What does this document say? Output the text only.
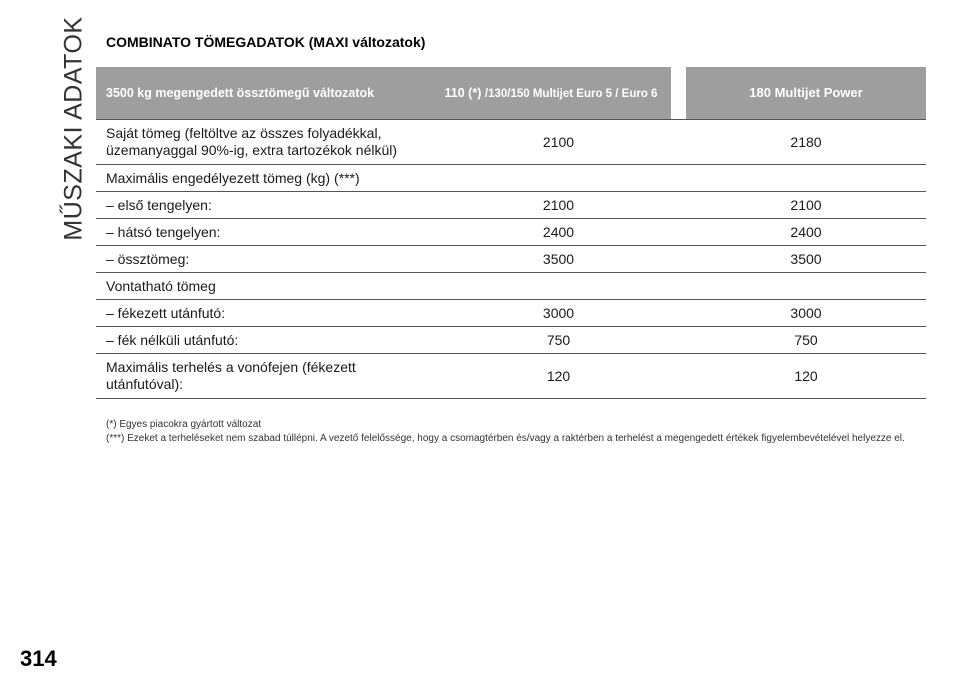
MŰSZAKI ADATOK COMBINATO TÖMEGADATOK (MAXI változatok)
3500 kg megengedett össztömegű változatok	110 (*) /130/150 Multijet Euro 5 / Euro 6		180 Multijet Power
Saját tömeg (feltöltve az összes folyadékkal, üzemanyaggal 90%-ig, extra tartozékok nélkül)	2100		2180
Maximális engedélyezett tömeg (kg) (***)			
– első tengelyen:	2100		2100
– hátsó tengelyen:	2400		2400
– össztömeg:	3500		3500
Vontatható tömeg			
– fékezett utánfutó:	3000		3000
– fék nélküli utánfutó:	750		750
Maximális terhelés a vonófejen (fékezett utánfutóval):	120		120
(*) Egyes piacokra gyártott változat
(***) Ezeket a terheléseket nem szabad túllépni. A vezető felelőssége, hogy a csomagtérben és/vagy a raktérben a terhelést a megengedett értékek figyelembevételével helyezze el.
314
